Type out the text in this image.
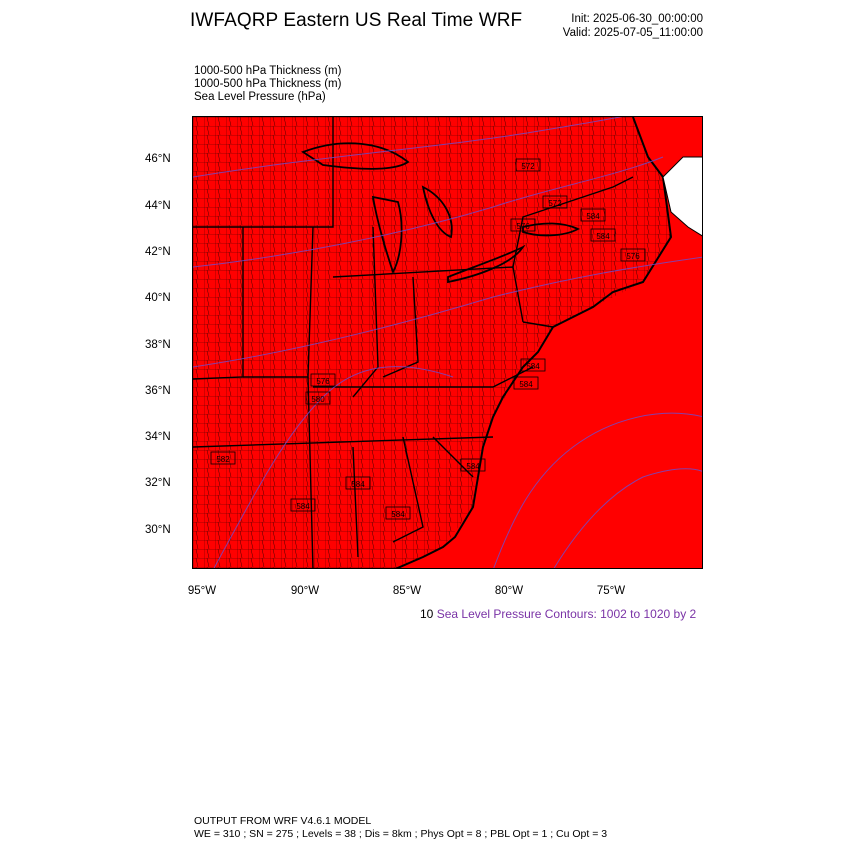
IWFAQRP Eastern US Real Time WRF	Init: 2025-06-30_00:00:00
Valid: 2025-07-05_11:00:00
1000-500 hPa Thickness (m)
1000-500 hPa Thickness (m)
Sea Level Pressure (hPa)
572
572
576
576
576
580
584
584
582
584
584
584
584
584
584
46°N
44°N
42°N
40°N
38°N
36°N
34°N
32°N
30°N
95°W	90°W	85°W	80°W	75°W
10 Sea Level Pressure Contours: 1002 to 1020 by 2
OUTPUT FROM WRF V4.6.1 MODEL
WE = 310 ; SN = 275 ; Levels = 38 ; Dis = 8km ; Phys Opt = 8 ; PBL Opt = 1 ; Cu Opt = 3
